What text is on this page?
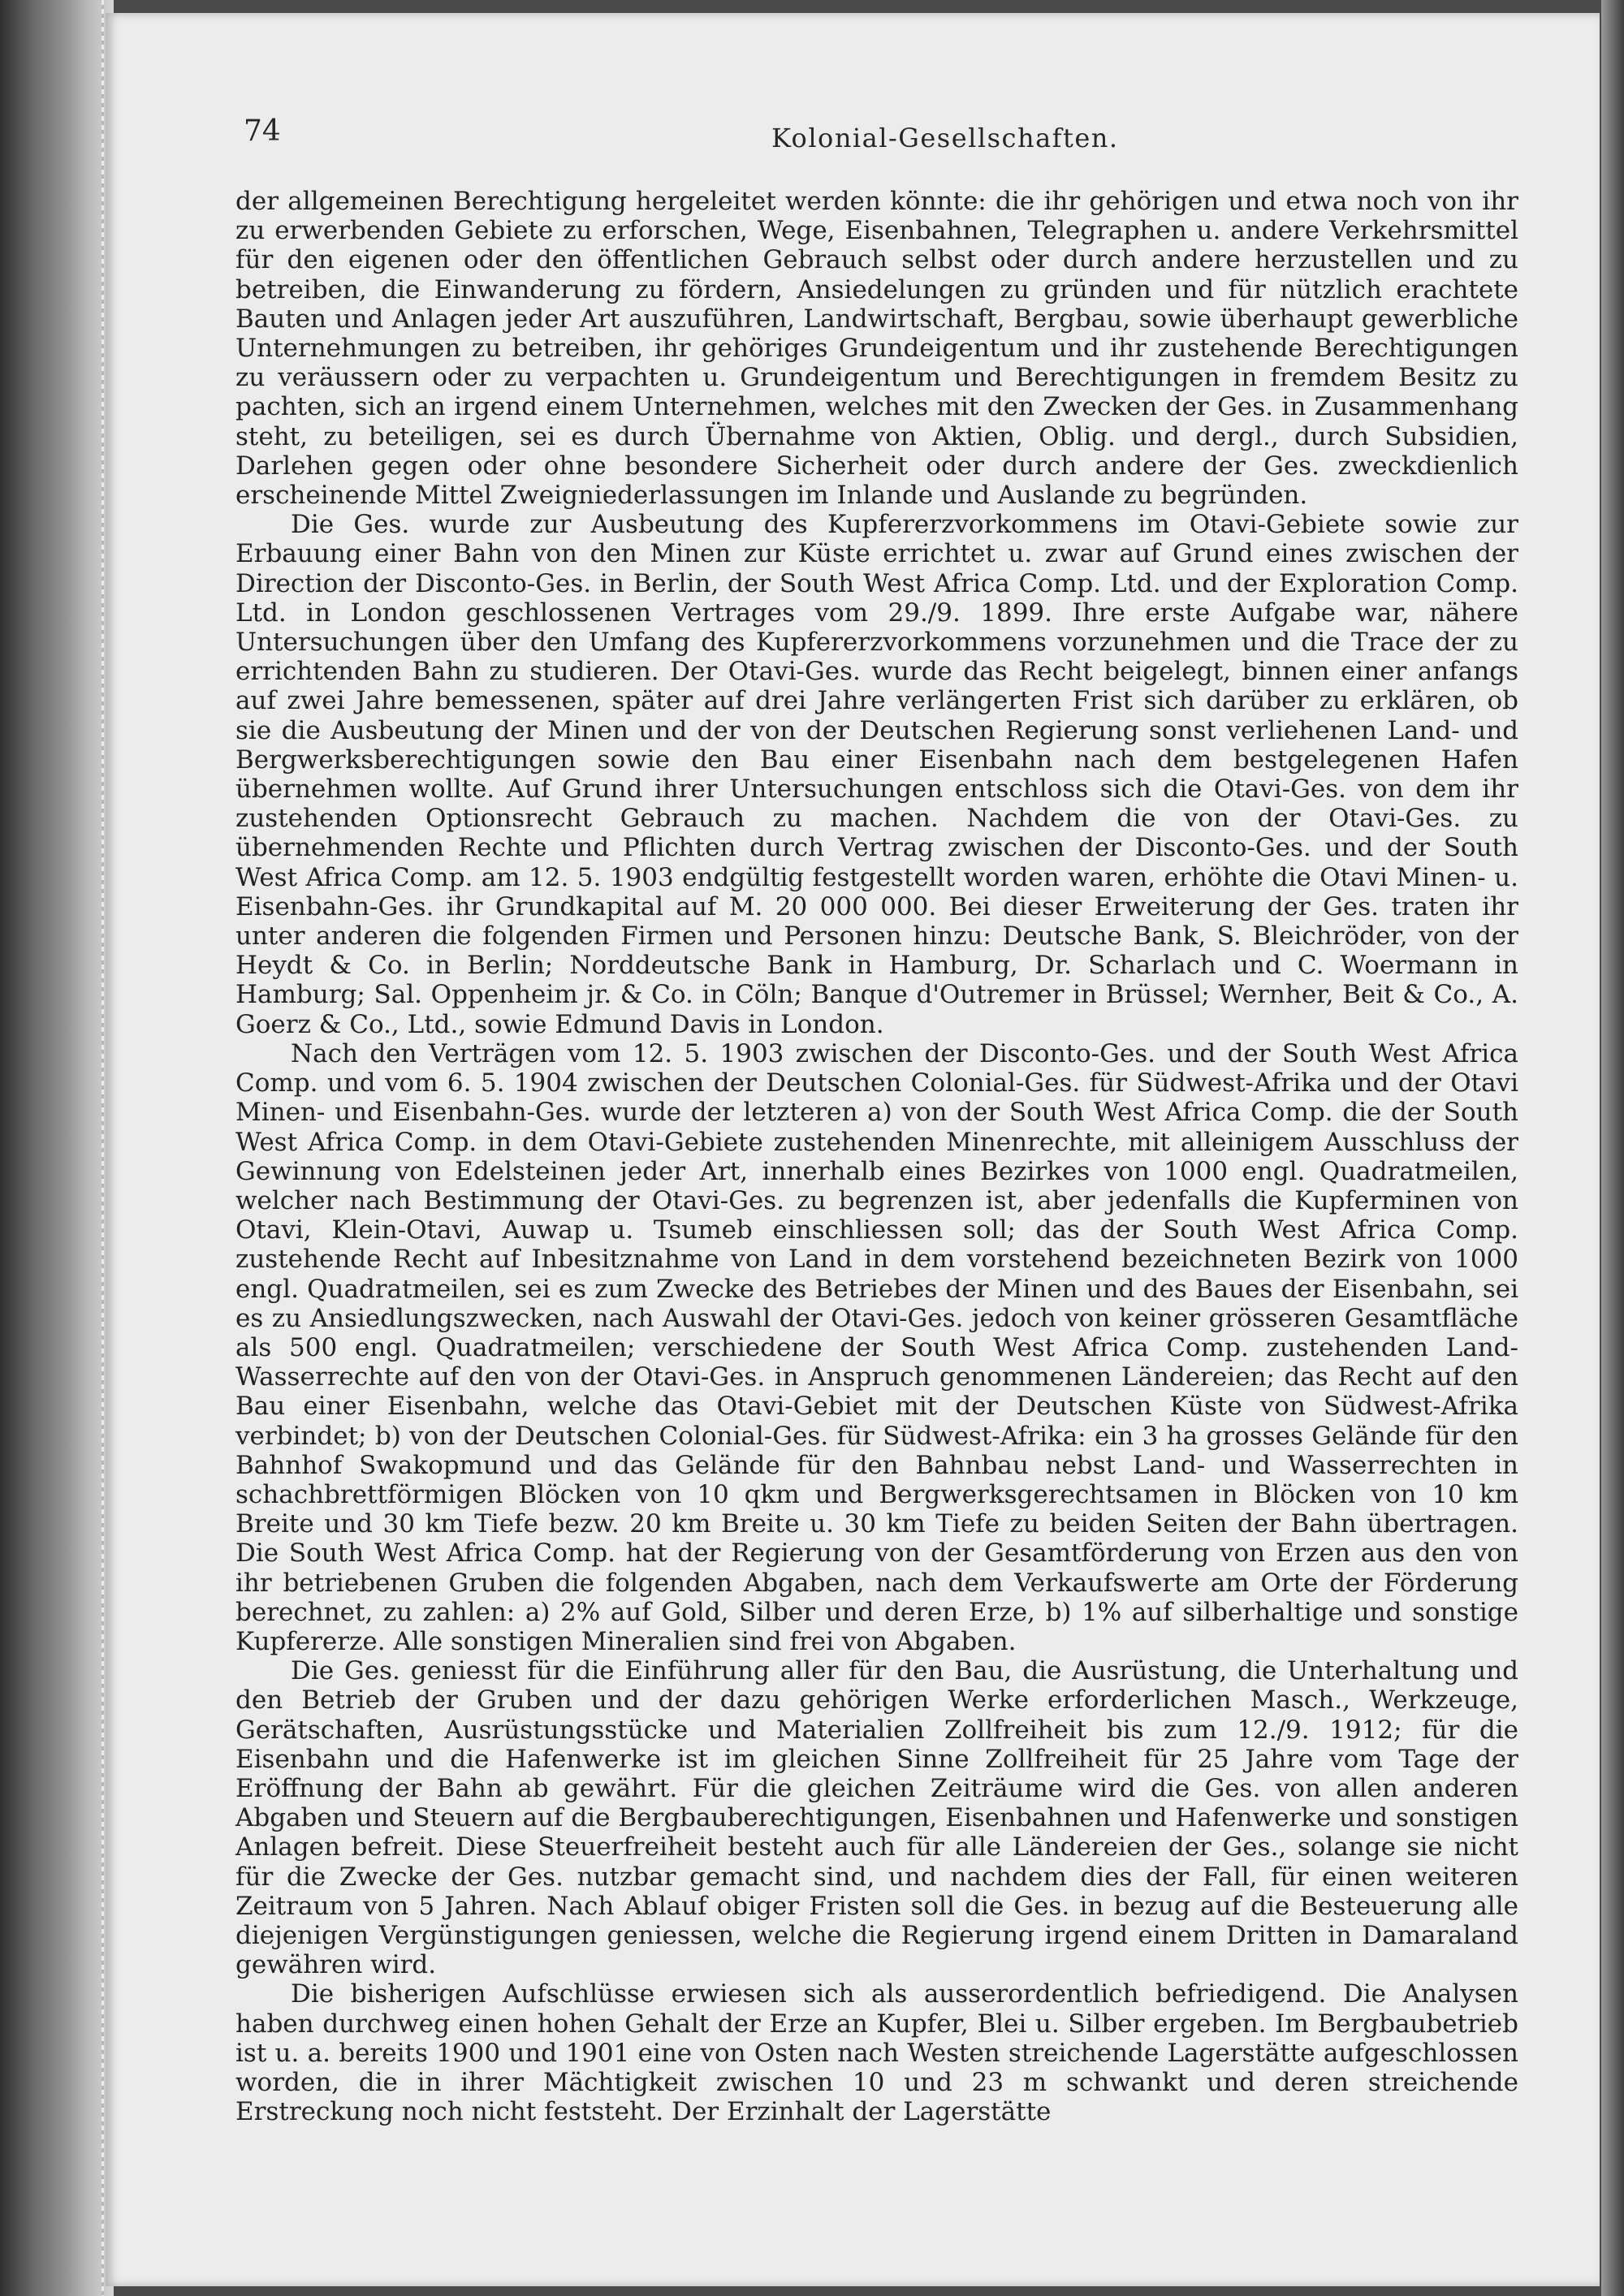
74	Kolonial-Gesellschaften.

der allgemeinen Berechtigung hergeleitet werden könnte: die ihr gehörigen und etwa noch von ihr zu erwerbenden Gebiete zu erforschen, Wege, Eisenbahnen, Telegraphen u. andere Verkehrsmittel für den eigenen oder den öffentlichen Gebrauch selbst oder durch andere herzustellen und zu betreiben, die Einwanderung zu fördern, Ansiedelungen zu gründen und für nützlich erachtete Bauten und Anlagen jeder Art auszuführen, Landwirtschaft, Bergbau, sowie überhaupt gewerbliche Unternehmungen zu betreiben, ihr gehöriges Grundeigentum und ihr zustehende Berechtigungen zu veräussern oder zu verpachten u. Grundeigentum und Berechtigungen in fremdem Besitz zu pachten, sich an irgend einem Unternehmen, welches mit den Zwecken der Ges. in Zusammenhang steht, zu beteiligen, sei es durch Übernahme von Aktien, Oblig. und dergl., durch Subsidien, Darlehen gegen oder ohne besondere Sicherheit oder durch andere der Ges. zweckdienlich erscheinende Mittel Zweigniederlassungen im Inlande und Auslande zu begründen.

Die Ges. wurde zur Ausbeutung des Kupfererzvorkommens im Otavi-Gebiete sowie zur Erbauung einer Bahn von den Minen zur Küste errichtet u. zwar auf Grund eines zwischen der Direction der Disconto-Ges. in Berlin, der South West Africa Comp. Ltd. und der Exploration Comp. Ltd. in London geschlossenen Vertrages vom 29./9. 1899. Ihre erste Aufgabe war, nähere Untersuchungen über den Umfang des Kupfererzvorkommens vorzunehmen und die Trace der zu errichtenden Bahn zu studieren. Der Otavi-Ges. wurde das Recht beigelegt, binnen einer anfangs auf zwei Jahre bemessenen, später auf drei Jahre verlängerten Frist sich darüber zu erklären, ob sie die Ausbeutung der Minen und der von der Deutschen Regierung sonst verliehenen Land- und Bergwerksberechtigungen sowie den Bau einer Eisenbahn nach dem bestgelegenen Hafen übernehmen wollte. Auf Grund ihrer Untersuchungen entschloss sich die Otavi-Ges. von dem ihr zustehenden Optionsrecht Gebrauch zu machen. Nachdem die von der Otavi-Ges. zu übernehmenden Rechte und Pflichten durch Vertrag zwischen der Disconto-Ges. und der South West Africa Comp. am 12. 5. 1903 endgültig festgestellt worden waren, erhöhte die Otavi Minen- u. Eisenbahn-Ges. ihr Grundkapital auf M. 20 000 000. Bei dieser Erweiterung der Ges. traten ihr unter anderen die folgenden Firmen und Personen hinzu: Deutsche Bank, S. Bleichröder, von der Heydt & Co. in Berlin; Norddeutsche Bank in Hamburg, Dr. Scharlach und C. Woermann in Hamburg; Sal. Oppenheim jr. & Co. in Cöln; Banque d'Outremer in Brüssel; Wernher, Beit & Co., A. Goerz & Co., Ltd., sowie Edmund Davis in London.

Nach den Verträgen vom 12. 5. 1903 zwischen der Disconto-Ges. und der South West Africa Comp. und vom 6. 5. 1904 zwischen der Deutschen Colonial-Ges. für Südwest-Afrika und der Otavi Minen- und Eisenbahn-Ges. wurde der letzteren a) von der South West Africa Comp. die der South West Africa Comp. in dem Otavi-Gebiete zustehenden Minenrechte, mit alleinigem Ausschluss der Gewinnung von Edelsteinen jeder Art, innerhalb eines Bezirkes von 1000 engl. Quadratmeilen, welcher nach Bestimmung der Otavi-Ges. zu begrenzen ist, aber jedenfalls die Kupferminen von Otavi, Klein-Otavi, Auwap u. Tsumeb einschliessen soll; das der South West Africa Comp. zustehende Recht auf Inbesitznahme von Land in dem vorstehend bezeichneten Bezirk von 1000 engl. Quadratmeilen, sei es zum Zwecke des Betriebes der Minen und des Baues der Eisenbahn, sei es zu Ansiedlungszwecken, nach Auswahl der Otavi-Ges. jedoch von keiner grösseren Gesamtfläche als 500 engl. Quadratmeilen; verschiedene der South West Africa Comp. zustehenden Land-Wasserrechte auf den von der Otavi-Ges. in Anspruch genommenen Ländereien; das Recht auf den Bau einer Eisenbahn, welche das Otavi-Gebiet mit der Deutschen Küste von Südwest-Afrika verbindet; b) von der Deutschen Colonial-Ges. für Südwest-Afrika: ein 3 ha grosses Gelände für den Bahnhof Swakopmund und das Gelände für den Bahnbau nebst Land- und Wasserrechten in schachbrettförmigen Blöcken von 10 qkm und Bergwerksgerechtsamen in Blöcken von 10 km Breite und 30 km Tiefe bezw. 20 km Breite u. 30 km Tiefe zu beiden Seiten der Bahn übertragen. Die South West Africa Comp. hat der Regierung von der Gesamtförderung von Erzen aus den von ihr betriebenen Gruben die folgenden Abgaben, nach dem Verkaufswerte am Orte der Förderung berechnet, zu zahlen: a) 2% auf Gold, Silber und deren Erze, b) 1% auf silberhaltige und sonstige Kupfererze. Alle sonstigen Mineralien sind frei von Abgaben.

Die Ges. geniesst für die Einführung aller für den Bau, die Ausrüstung, die Unterhaltung und den Betrieb der Gruben und der dazu gehörigen Werke erforderlichen Masch., Werkzeuge, Gerätschaften, Ausrüstungsstücke und Materialien Zollfreiheit bis zum 12./9. 1912; für die Eisenbahn und die Hafenwerke ist im gleichen Sinne Zollfreiheit für 25 Jahre vom Tage der Eröffnung der Bahn ab gewährt. Für die gleichen Zeiträume wird die Ges. von allen anderen Abgaben und Steuern auf die Bergbauberechtigungen, Eisenbahnen und Hafenwerke und sonstigen Anlagen befreit. Diese Steuerfreiheit besteht auch für alle Ländereien der Ges., solange sie nicht für die Zwecke der Ges. nutzbar gemacht sind, und nachdem dies der Fall, für einen weiteren Zeitraum von 5 Jahren. Nach Ablauf obiger Fristen soll die Ges. in bezug auf die Besteuerung alle diejenigen Vergünstigungen geniessen, welche die Regierung irgend einem Dritten in Damaraland gewähren wird.

Die bisherigen Aufschlüsse erwiesen sich als ausserordentlich befriedigend. Die Analysen haben durchweg einen hohen Gehalt der Erze an Kupfer, Blei u. Silber ergeben. Im Bergbaubetrieb ist u. a. bereits 1900 und 1901 eine von Osten nach Westen streichende Lagerstätte aufgeschlossen worden, die in ihrer Mächtigkeit zwischen 10 und 23 m schwankt und deren streichende Erstreckung noch nicht feststeht. Der Erzinhalt der Lagerstätte
